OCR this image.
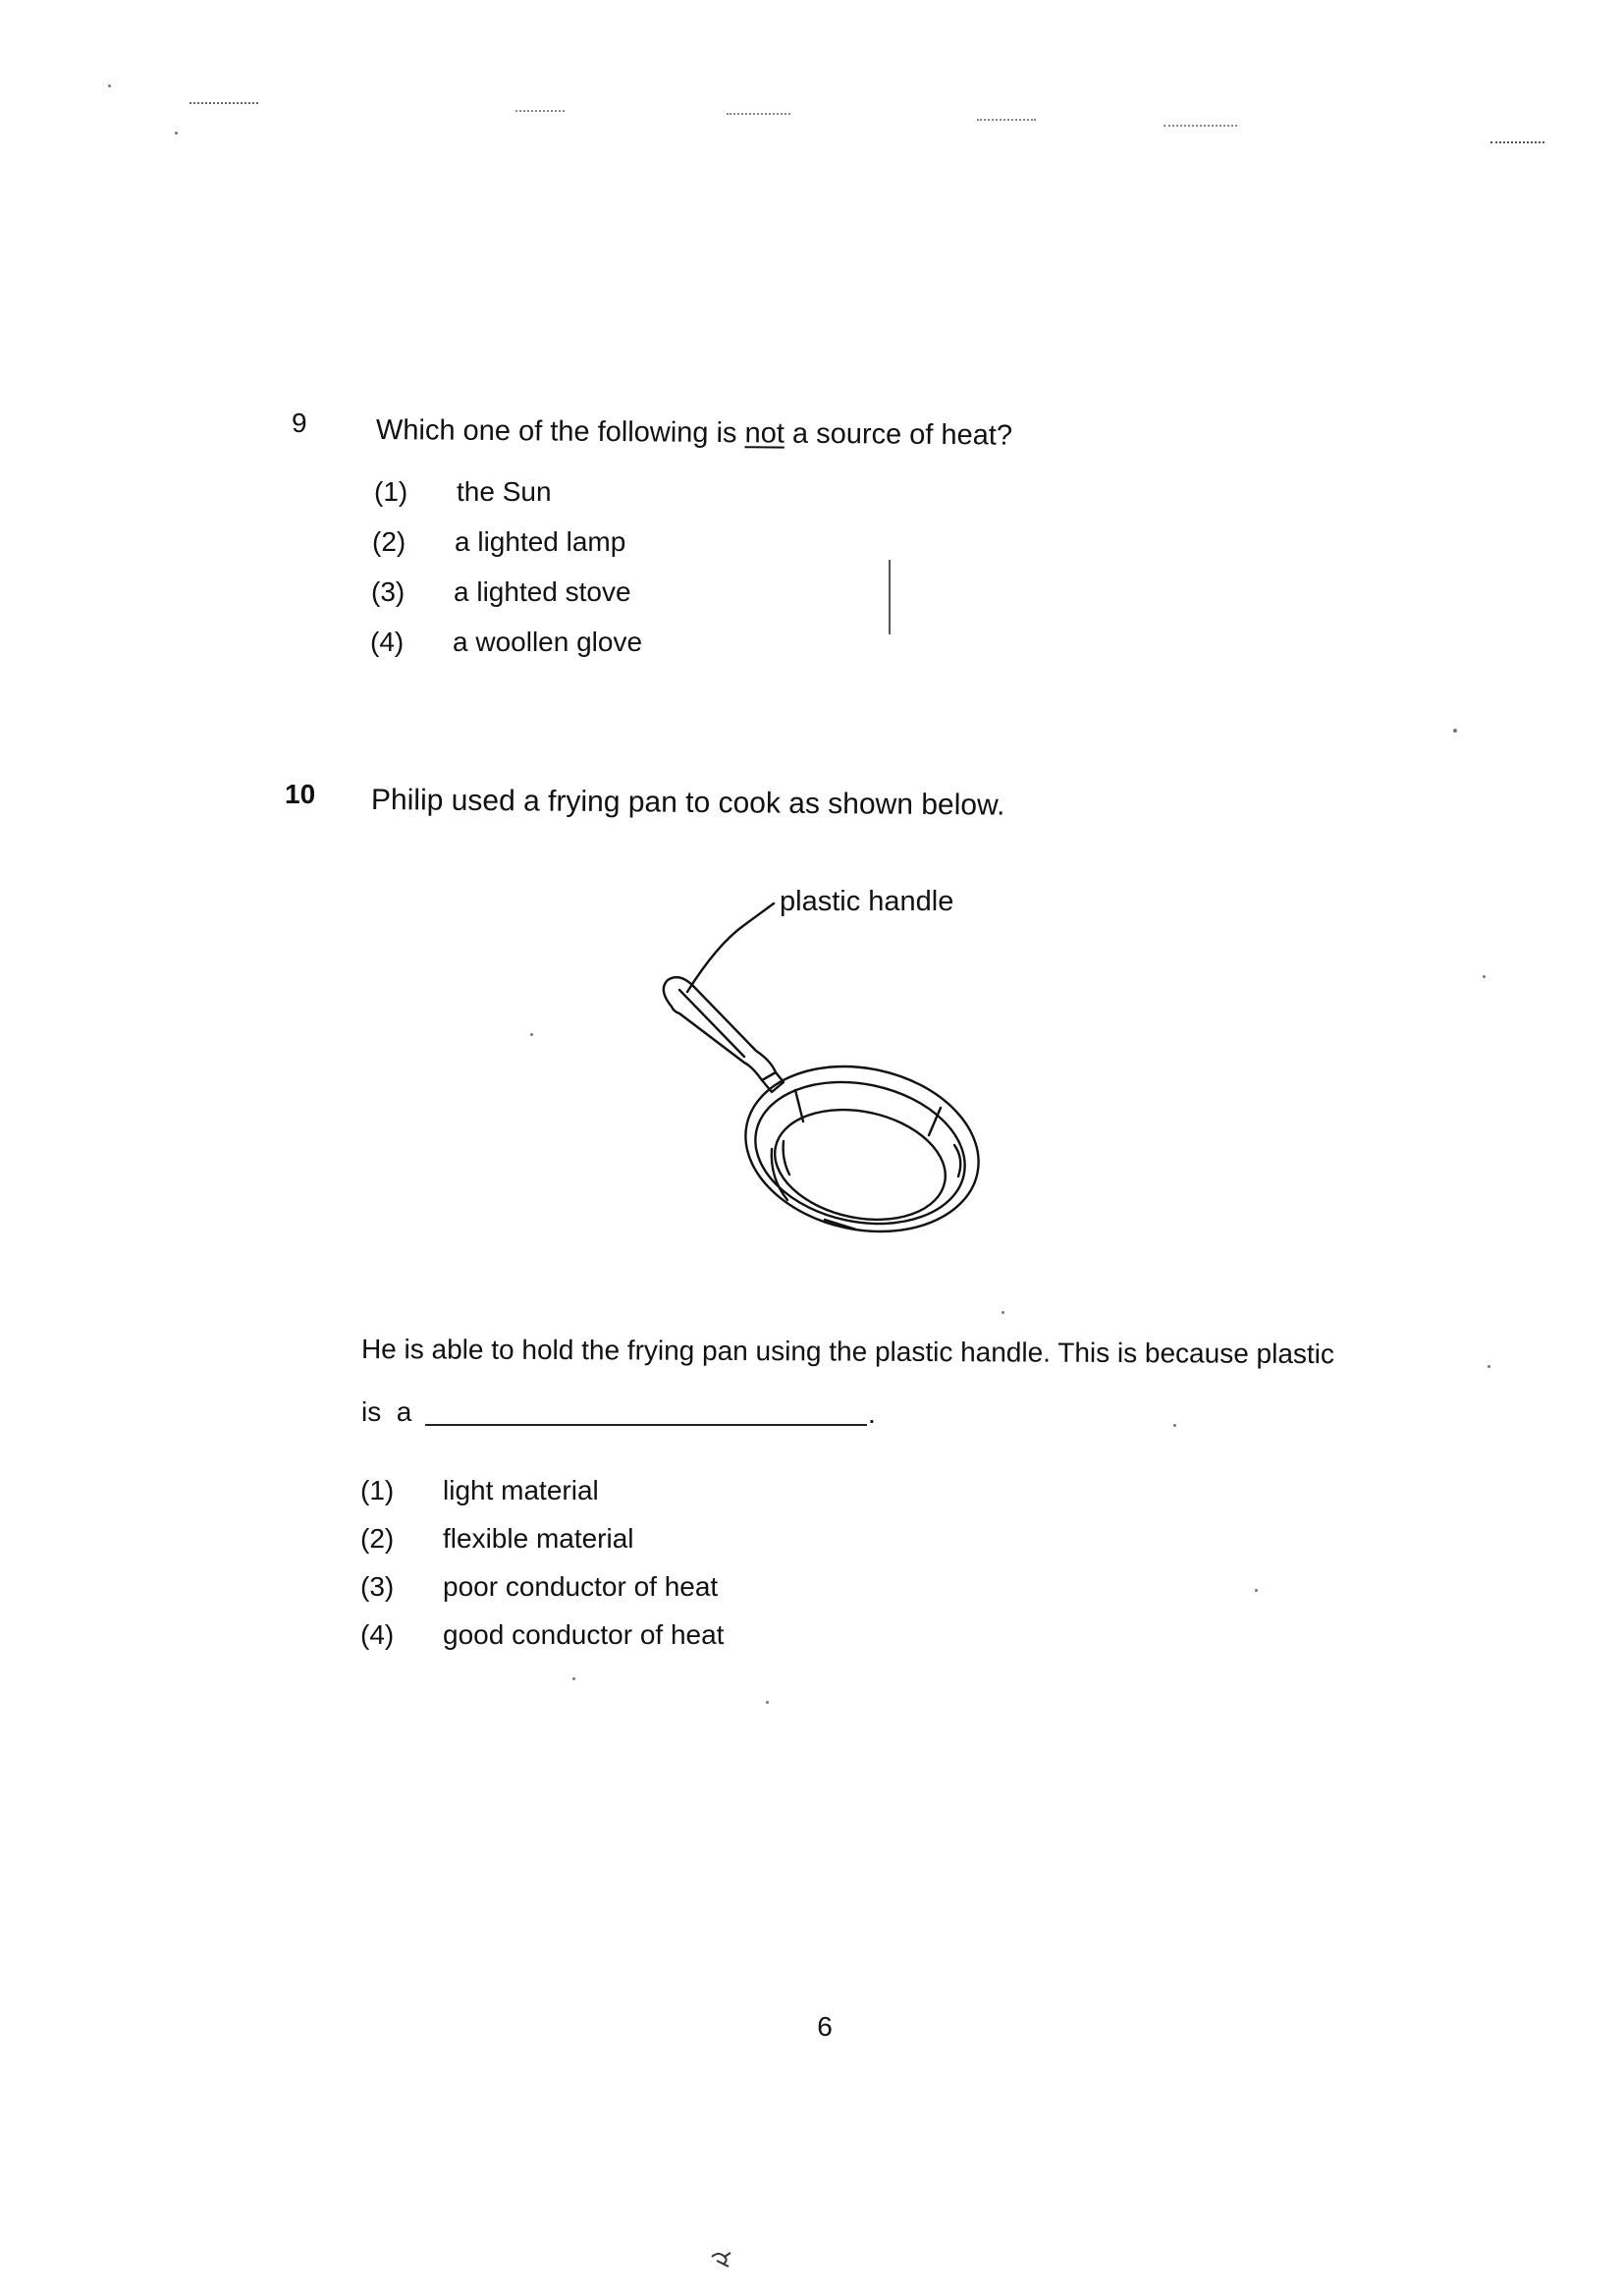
9 Which one of the following is not a source of heat?
(1) the Sun
(2) a lighted lamp
(3) a lighted stove
(4) a woollen glove
10 Philip used a frying pan to cook as shown below.
plastic handle
He is able to hold the frying pan using the plastic handle. This is because plastic
is  a	.
(1) light material
(2) flexible material
(3) poor conductor of heat
(4) good conductor of heat
6
